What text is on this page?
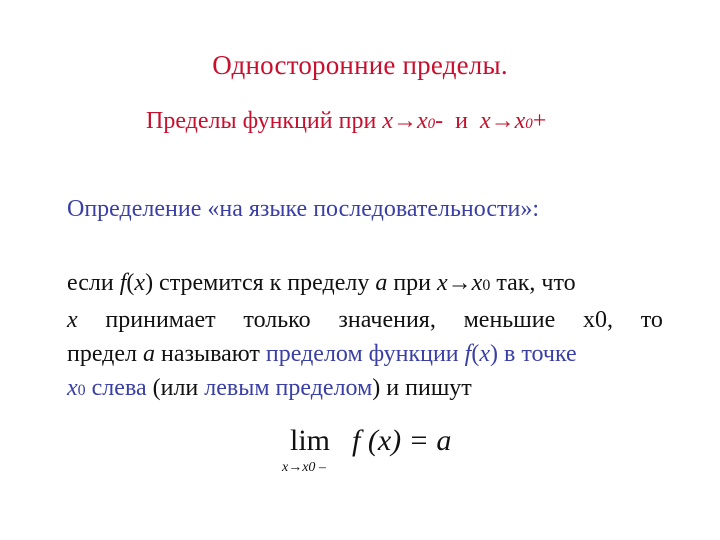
Односторонние пределы.
Пределы функций при x→x0-  и  x→x0+
Определение «на языке последовательности»:
если f(x) стремится к пределу a при x→x0 так, что
x принимает только значения, меньшие x0, то
предел a называют пределом функции f(x) в точке
x0 слева (или левым пределом) и пишут
lim
x→x0 –
f (x) = a
